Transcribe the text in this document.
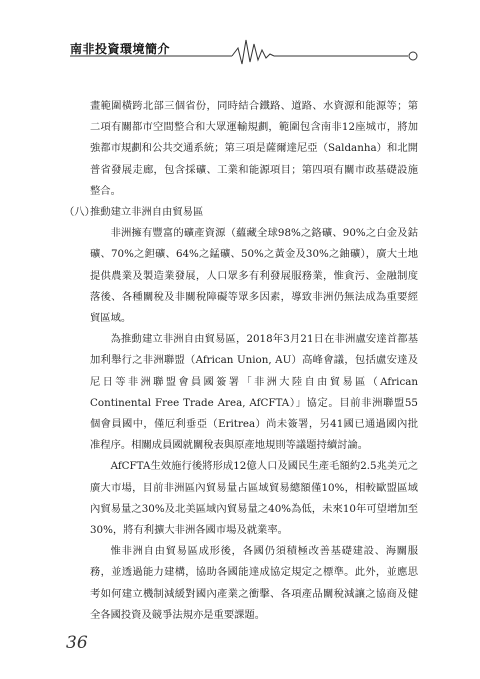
南非投資環境簡介

畫範圍橫跨北部三個省份，同時結合鐵路、道路、水資源和能源等；第二項有關都市空間整合和大眾運輸規劃，範圍包含南非12座城市，將加強都市規劃和公共交通系統；第三項是薩爾達尼亞（Saldanha）和北開普省發展走廊，包含採礦、工業和能源項目；第四項有關市政基礎設施整合。

（八）
推動建立非洲自由貿易區

非洲擁有豐富的礦產資源（蘊藏全球98%之鉻礦、90%之白金及鈷礦、70%之鉭礦、64%之錳礦、50%之黃金及30%之鈾礦），廣大土地提供農業及製造業發展，人口眾多有利發展服務業，惟貪污、金融制度落後、各種關稅及非關稅障礙等眾多因素，導致非洲仍無法成為重要經貿區域。

為推動建立非洲自由貿易區，2018年3月21日在非洲盧安達首都基加利舉行之非洲聯盟（African Union, AU）高峰會議，包括盧安達及尼日等非洲聯盟會員國簽署「非洲大陸自由貿易區（African Continental Free Trade Area, AfCFTA）」協定。目前非洲聯盟55個會員國中，僅厄利垂亞（Eritrea）尚未簽署，另41國已通過國內批准程序。相關成員國就關稅表與原產地規則等議題持續討論。

AfCFTA生效施行後將形成12億人口及國民生產毛額約2.5兆美元之廣大市場，目前非洲區內貿易量占區域貿易總額僅10%，相較歐盟區域內貿易量之30%及北美區域內貿易量之40%為低，未來10年可望增加至30%，將有利擴大非洲各國市場及就業率。

惟非洲自由貿易區成形後，各國仍須積極改善基礎建設、海關服務，並透過能力建構，協助各國能達成協定規定之標準。此外，並應思考如何建立機制減緩對國內產業之衝擊、各項產品關稅減讓之協商及健全各國投資及競爭法規亦是重要課題。

36
